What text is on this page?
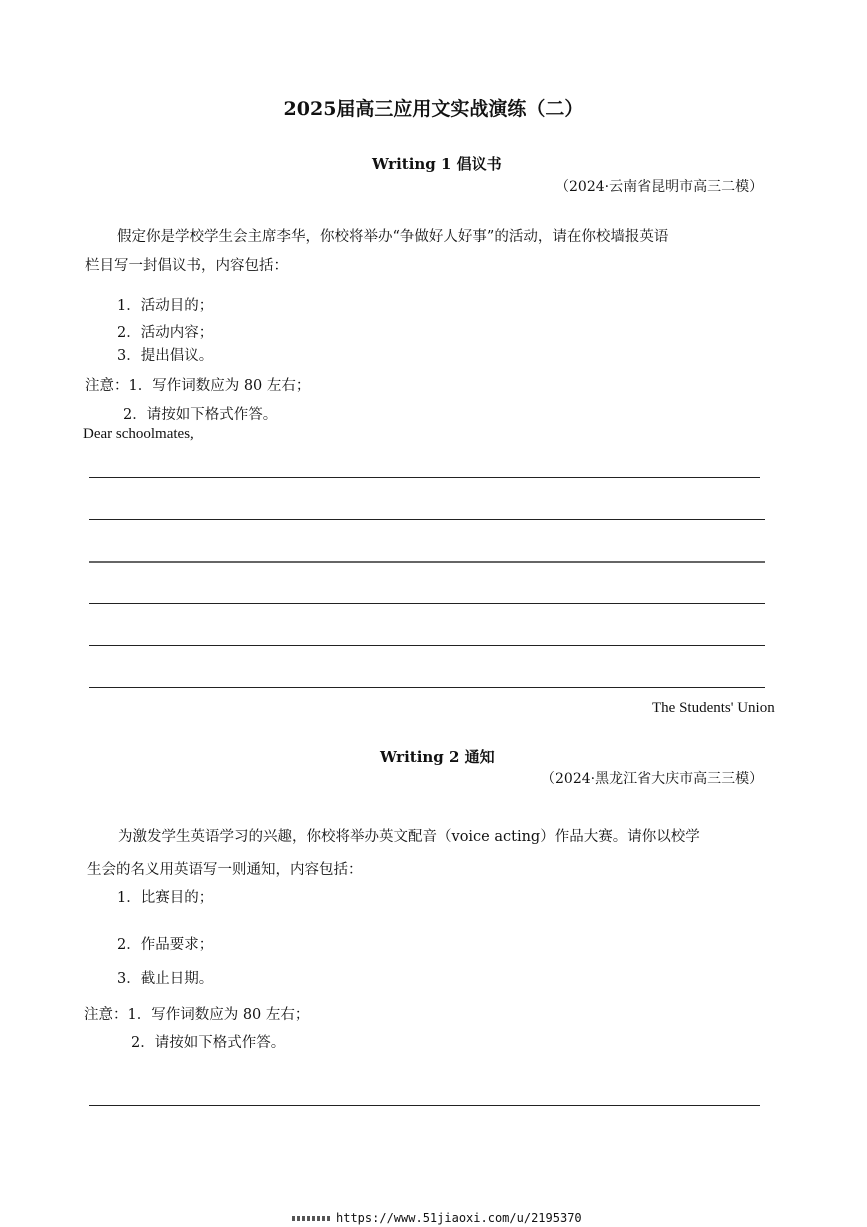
2025届高三应用文实战演练（二）
Writing 1 倡议书
（2024·云南省昆明市高三二模）
假定你是学校学生会主席李华，你校将举办“争做好人好事”的活动，请在你校墙报英语
栏目写一封倡议书，内容包括：
1．活动目的；
2．活动内容；
3．提出倡议。
注意：1．写作词数应为 80 左右；
2．请按如下格式作答。
Dear schoolmates,
The Students' Union
Writing 2 通知
（2024·黑龙江省大庆市高三三模）
为激发学生英语学习的兴趣，你校将举办英文配音（voice acting）作品大赛。请你以校学
生会的名义用英语写一则通知，内容包括：
1．比赛目的；
2．作品要求；
3．截止日期。
注意：1．写作词数应为 80 左右；
2．请按如下格式作答。
https://www.51jiaoxi.com/u/2195370
